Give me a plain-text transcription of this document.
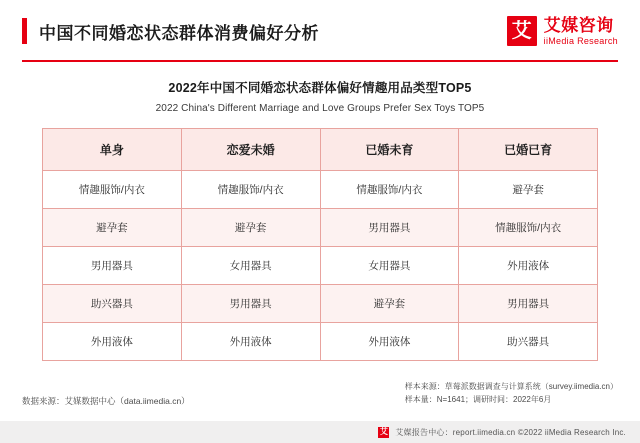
中国不同婚恋状态群体消费偏好分析	艾 艾媒咨询
iiMedia Research
2022年中国不同婚恋状态群体偏好情趣用品类型TOP5
2022 China's Different Marriage and Love Groups Prefer Sex Toys TOP5
单身	恋爱未婚	已婚未育	已婚已育
情趣服饰/内衣	情趣服饰/内衣	情趣服饰/内衣	避孕套
避孕套	避孕套	男用器具	情趣服饰/内衣
男用器具	女用器具	女用器具	外用液体
助兴器具	男用器具	避孕套	男用器具
外用液体	外用液体	外用液体	助兴器具
数据来源：艾媒数据中心（data.iimedia.cn）
样本来源：草莓派数据调查与计算系统（survey.iimedia.cn）
样本量：N=1641；调研时间：2022年6月
艾 艾媒报告中心：report.iimedia.cn ©2022 iiMedia Research Inc.
